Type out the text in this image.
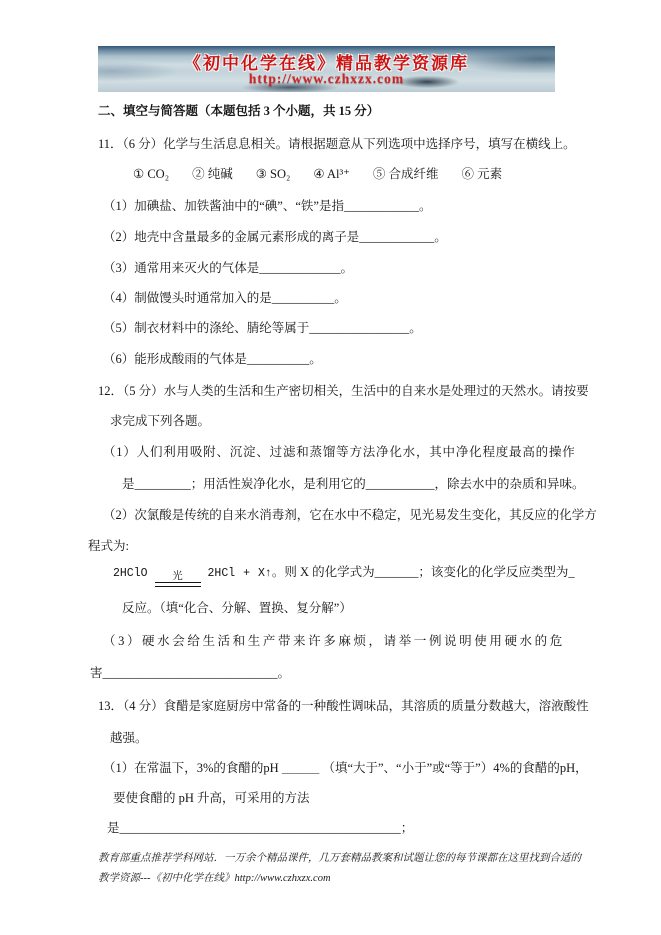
《初中化学在线》精品教学资源库
http://www.czhxzx.com
二、填空与简答题（本题包括 3 个小题，共 15 分）
11．（6 分）化学与生活息息相关。请根据题意从下列选项中选择序号，填写在横线上。
① CO₂ ② 纯碱 ③ SO₂ ④ Al³⁺ ⑤ 合成纤维 ⑥ 元素
（1）加碘盐、加铁酱油中的“碘”、“铁”是指____________。
（2）地壳中含量最多的金属元素形成的离子是____________。
（3）通常用来灭火的气体是_____________。
（4）制做馒头时通常加入的是__________。
（5）制衣材料中的涤纶、腈纶等属于________________。
（6）能形成酸雨的气体是__________。
12．（5 分）水与人类的生活和生产密切相关，生活中的自来水是处理过的天然水。请按要
求完成下列各题。
（1）人们利用吸附、沉淀、过滤和蒸馏等方法净化水，其中净化程度最高的操作
是_________；用活性炭净化水，是利用它的___________，除去水中的杂质和异味。
（2）次氯酸是传统的自来水消毒剂，它在水中不稳定，见光易发生变化，其反应的化学方
程式为:
2HClO	光	2HCl + X↑。则 X 的化学式为_______；该变化的化学反应类型为_
反应。（填“化合、分解、置换、复分解”）
（3）硬水会给生活和生产带来许多麻烦，请举一例说明使用硬水的危
害____________________________。
13．（4 分）食醋是家庭厨房中常备的一种酸性调味品，其溶质的质量分数越大，溶液酸性
越强。
（1）在常温下，3%的食醋的pH ＿＿＿ （填“大于”、“小于”或“等于”）4%的食醋的pH，
要使食醋的 pH 升高，可采用的方法
是_____________________________________________；
教育部重点推荐学科网站．一万余个精品课件，几万套精品教案和试题让您的每节课都在这里找到合适的
教学资源---《初中化学在线》http://www.czhxzx.com
